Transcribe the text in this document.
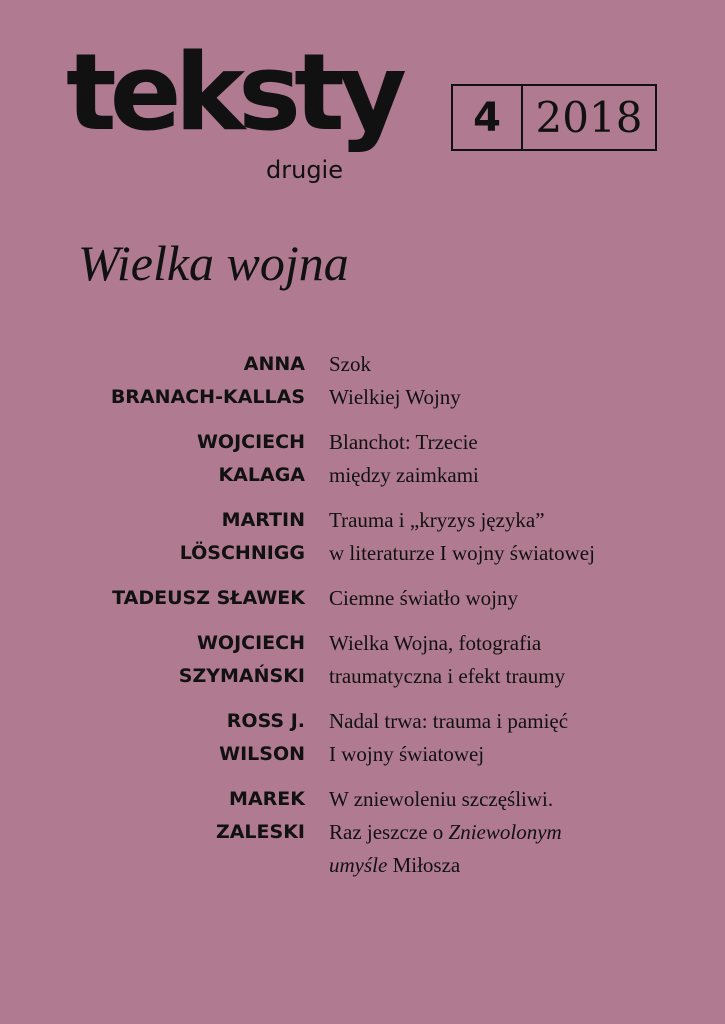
teksty
drugie
4 2018
Wielka wojna
ANNA
BRANACH-KALLAS
Szok
Wielkiej Wojny
WOJCIECH
KALAGA
Blanchot: Trzecie
między zaimkami
MARTIN
LÖSCHNIGG
Trauma i „kryzys języka”
w literaturze I wojny światowej
TADEUSZ SŁAWEK Ciemne światło wojny
WOJCIECH
SZYMAŃSKI
Wielka Wojna, fotografia
traumatyczna i efekt traumy
ROSS J.
WILSON
Nadal trwa: trauma i pamięć
I wojny światowej
MAREK
ZALESKI
W zniewoleniu szczęśliwi.
Raz jeszcze o Zniewolonym
umyśle Miłosza
